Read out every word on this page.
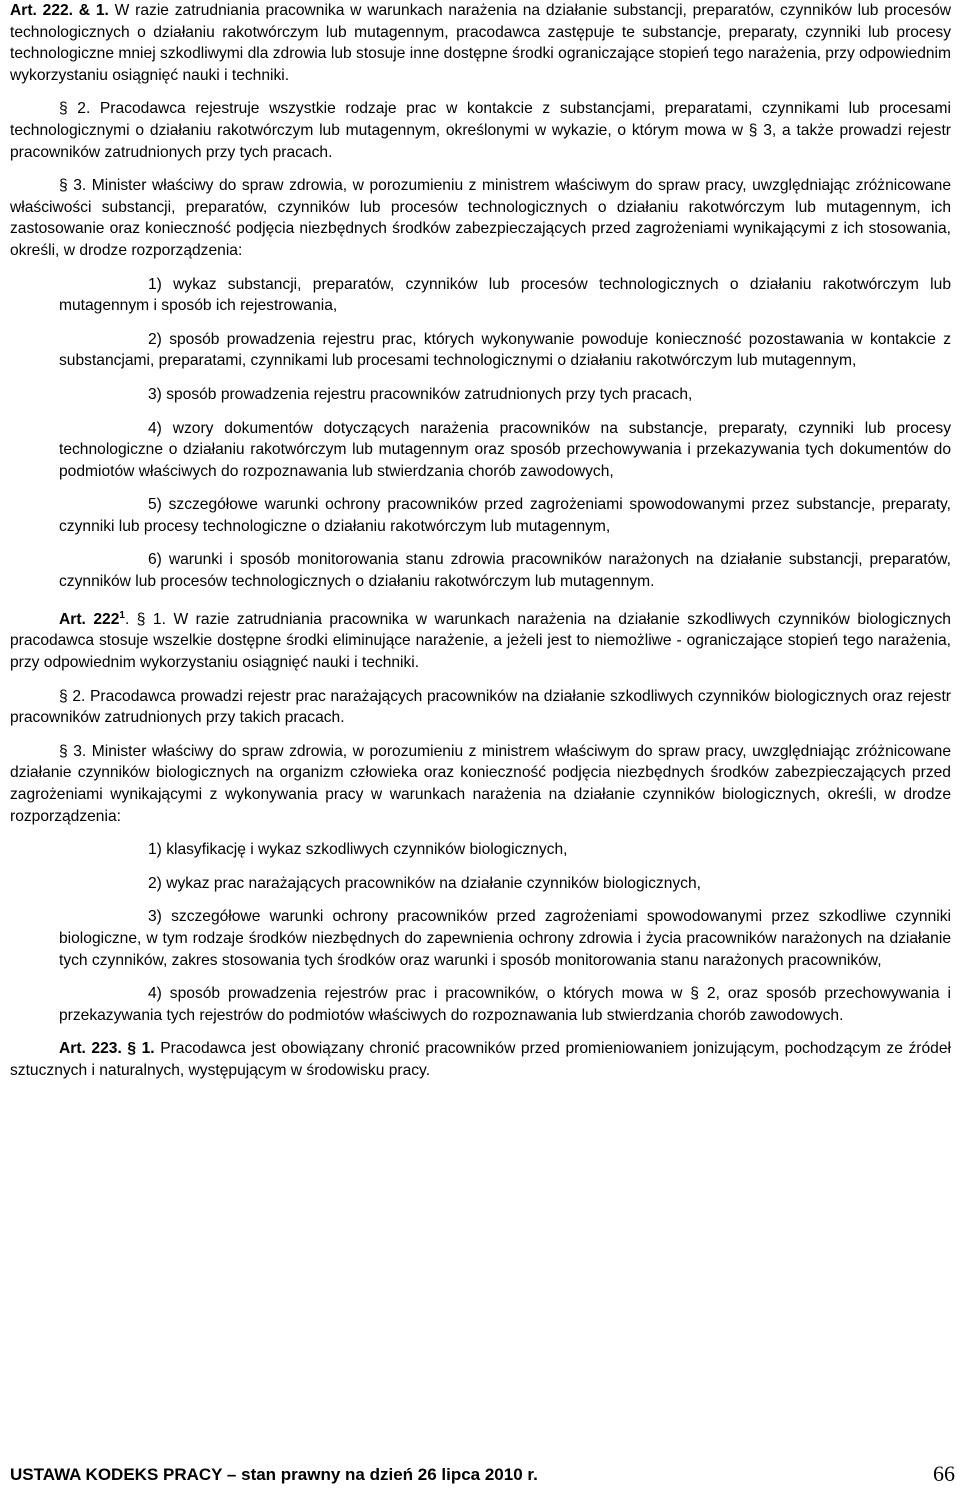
Art. 222. & 1. W razie zatrudniania pracownika w warunkach narażenia na działanie substancji, preparatów, czynników lub procesów technologicznych o działaniu rakotwórczym lub mutagennym, pracodawca zastępuje te substancje, preparaty, czynniki lub procesy technologiczne mniej szkodliwymi dla zdrowia lub stosuje inne dostępne środki ograniczające stopień tego narażenia, przy odpowiednim wykorzystaniu osiągnięć nauki i techniki.

§ 2. Pracodawca rejestruje wszystkie rodzaje prac w kontakcie z substancjami, preparatami, czynnikami lub procesami technologicznymi o działaniu rakotwórczym lub mutagennym, określonymi w wykazie, o którym mowa w § 3, a także prowadzi rejestr pracowników zatrudnionych przy tych pracach.

§ 3. Minister właściwy do spraw zdrowia, w porozumieniu z ministrem właściwym do spraw pracy, uwzględniając zróżnicowane właściwości substancji, preparatów, czynników lub procesów technologicznych o działaniu rakotwórczym lub mutagennym, ich zastosowanie oraz konieczność podjęcia niezbędnych środków zabezpieczających przed zagrożeniami wynikającymi z ich stosowania, określi, w drodze rozporządzenia:

1) wykaz substancji, preparatów, czynników lub procesów technologicznych o działaniu rakotwórczym lub mutagennym i sposób ich rejestrowania,

2) sposób prowadzenia rejestru prac, których wykonywanie powoduje konieczność pozostawania w kontakcie z substancjami, preparatami, czynnikami lub procesami technologicznymi o działaniu rakotwórczym lub mutagennym,

3) sposób prowadzenia rejestru pracowników zatrudnionych przy tych pracach,

4) wzory dokumentów dotyczących narażenia pracowników na substancje, preparaty, czynniki lub procesy technologiczne o działaniu rakotwórczym lub mutagennym oraz sposób przechowywania i przekazywania tych dokumentów do podmiotów właściwych do rozpoznawania lub stwierdzania chorób zawodowych,

5) szczegółowe warunki ochrony pracowników przed zagrożeniami spowodowanymi przez substancje, preparaty, czynniki lub procesy technologiczne o działaniu rakotwórczym lub mutagennym,

6) warunki i sposób monitorowania stanu zdrowia pracowników narażonych na działanie substancji, preparatów, czynników lub procesów technologicznych o działaniu rakotwórczym lub mutagennym.

Art. $222^1$. § 1. W razie zatrudniania pracownika w warunkach narażenia na działanie szkodliwych czynników biologicznych pracodawca stosuje wszelkie dostępne środki eliminujące narażenie, a jeżeli jest to niemożliwe - ograniczające stopień tego narażenia, przy odpowiednim wykorzystaniu osiągnięć nauki i techniki.

§ 2. Pracodawca prowadzi rejestr prac narażających pracowników na działanie szkodliwych czynników biologicznych oraz rejestr pracowników zatrudnionych przy takich pracach.

§ 3. Minister właściwy do spraw zdrowia, w porozumieniu z ministrem właściwym do spraw pracy, uwzględniając zróżnicowane działanie czynników biologicznych na organizm człowieka oraz konieczność podjęcia niezbędnych środków zabezpieczających przed zagrożeniami wynikającymi z wykonywania pracy w warunkach narażenia na działanie czynników biologicznych, określi, w drodze rozporządzenia:

1) klasyfikację i wykaz szkodliwych czynników biologicznych,

2) wykaz prac narażających pracowników na działanie czynników biologicznych,

3) szczegółowe warunki ochrony pracowników przed zagrożeniami spowodowanymi przez szkodliwe czynniki biologiczne, w tym rodzaje środków niezbędnych do zapewnienia ochrony zdrowia i życia pracowników narażonych na działanie tych czynników, zakres stosowania tych środków oraz warunki i sposób monitorowania stanu narażonych pracowników,

4) sposób prowadzenia rejestrów prac i pracowników, o których mowa w § 2, oraz sposób przechowywania i przekazywania tych rejestrów do podmiotów właściwych do rozpoznawania lub stwierdzania chorób zawodowych.

Art. 223. § 1. Pracodawca jest obowiązany chronić pracowników przed promieniowaniem jonizującym, pochodzącym ze źródeł sztucznych i naturalnych, występującym w środowisku pracy.

USTAWA KODEKS PRACY – stan prawny na dzień 26 lipca 2010 r.	66
